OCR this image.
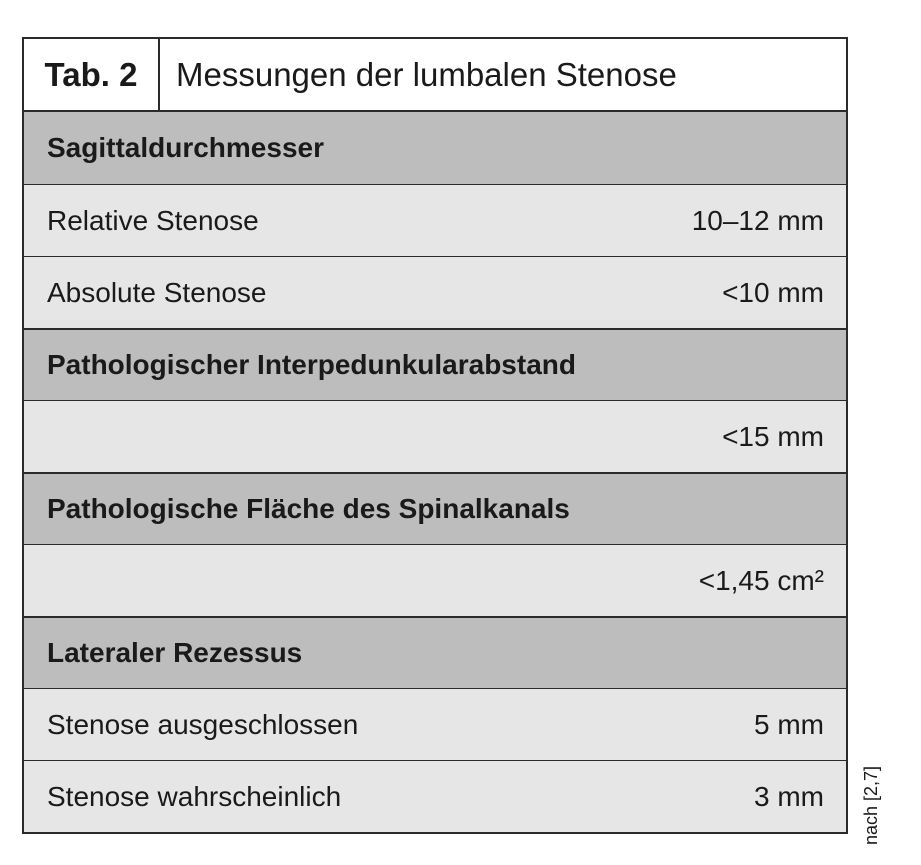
Tab. 2	Messungen der lumbalen Stenose
Sagittaldurchmesser
Relative Stenose	10–12 mm
Absolute Stenose	<10 mm
Pathologischer Interpedunkularabstand
<15 mm
Pathologische Fläche des Spinalkanals
<1,45 cm²
Lateraler Rezessus
Stenose ausgeschlossen	5 mm
Stenose wahrscheinlich	3 mm nach [2,7]
